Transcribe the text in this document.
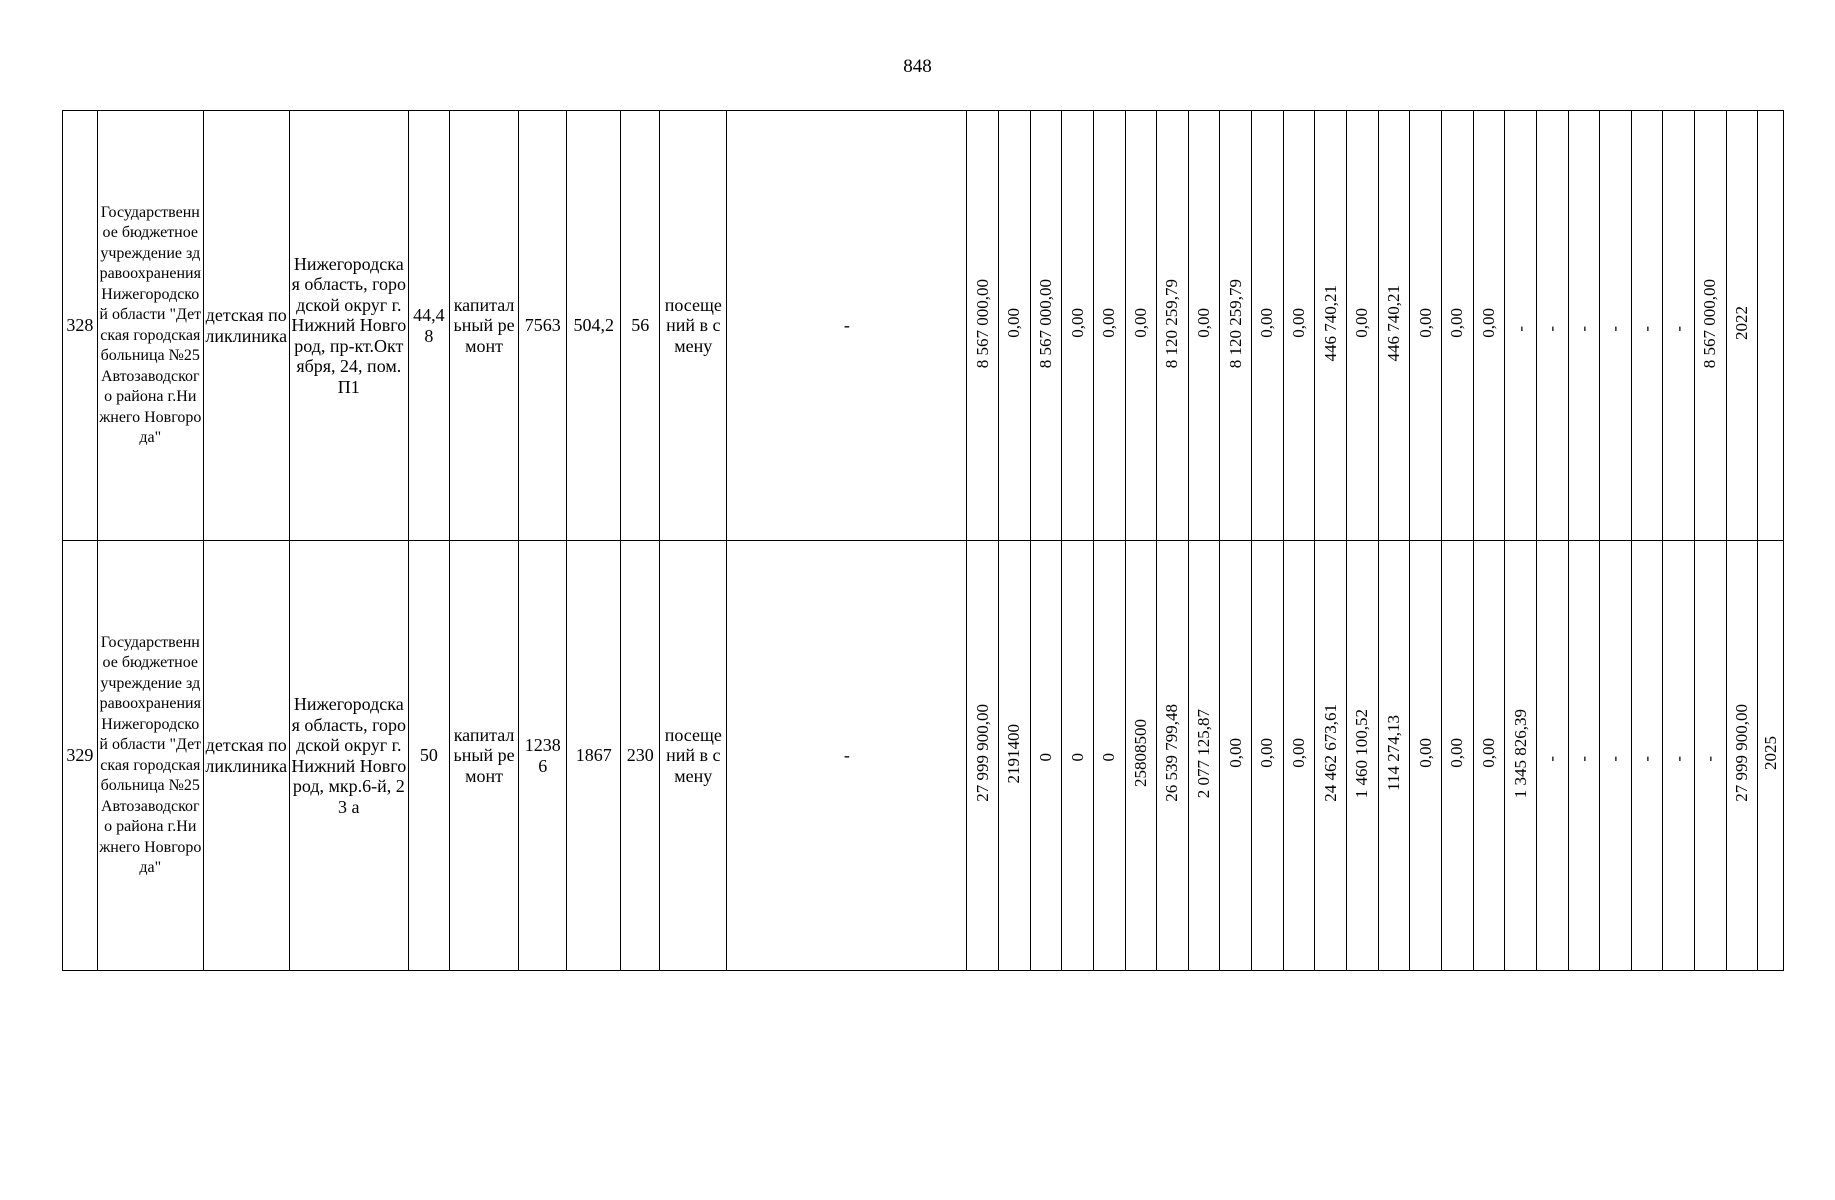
848
328	Государственное бюджетное учреждение здравоохранения Нижегородской области "Детская городская больница №25 Автозаводского района г.Нижнего Новгорода"	детская поликлиника	Нижегородская область, городской округ г. Нижний Новгород, пр-кт.Октября, 24, пом.П1	44,48	капитальный ремонт	7563	504,2	56	посещений в смену	-	8 567 000,00	0,00	8 567 000,00	0,00	0,00	0,00	8 120 259,79	0,00	8 120 259,79	0,00	0,00	446 740,21	0,00	446 740,21	0,00	0,00	0,00	-	-	-	-	-	-	8 567 000,00	2022	

329	Государственное бюджетное учреждение здравоохранения Нижегородской области "Детская городская больница №25 Автозаводского района г.Нижнего Новгорода"	детская поликлиника	Нижегородская область, городской округ г. Нижний Новгород, мкр.6-й, 23 а	50	капитальный ремонт	12386	1867	230	посещений в смену	-	27 999 900,00	2191400	0	0	0	25808500	26 539 799,48	2 077 125,87	0,00	0,00	0,00	24 462 673,61	1 460 100,52	114 274,13	0,00	0,00	0,00	1 345 826,39	-	-	-	-	-	-	27 999 900,00	2025
